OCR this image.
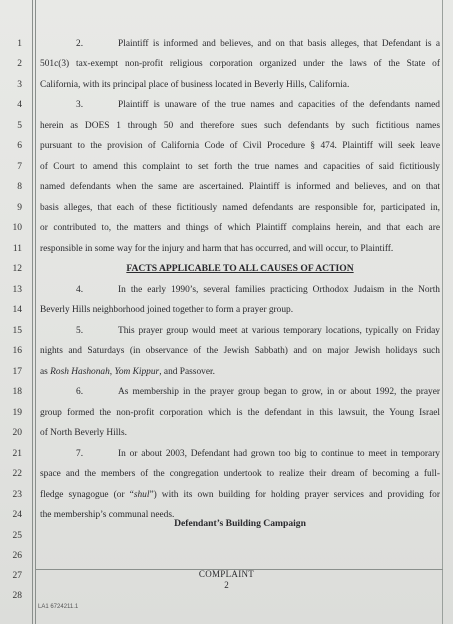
1
2
3
4
5
6
7
8
9
10
11
12
13
14
15
16
17
18
19
20
21
22
23
24
25
26
27
28
2.	Plaintiff is informed and believes, and on that basis alleges, that Defendant is a
501c(3) tax-exempt non-profit religious corporation organized under the laws of the State of
California, with its principal place of business located in Beverly Hills, California.
3.	Plaintiff is unaware of the true names and capacities of the defendants named
herein as DOES 1 through 50 and therefore sues such defendants by such fictitious names
pursuant to the provision of California Code of Civil Procedure § 474. Plaintiff will seek leave
of Court to amend this complaint to set forth the true names and capacities of said fictitiously
named defendants when the same are ascertained. Plaintiff is informed and believes, and on that
basis alleges, that each of these fictitiously named defendants are responsible for, participated in,
or contributed to, the matters and things of which Plaintiff complains herein, and that each are
responsible in some way for the injury and harm that has occurred, and will occur, to Plaintiff.
FACTS APPLICABLE TO ALL CAUSES OF ACTION
4.	In the early 1990’s, several families practicing Orthodox Judaism in the North
Beverly Hills neighborhood joined together to form a prayer group.
5.	This prayer group would meet at various temporary locations, typically on Friday
nights and Saturdays (in observance of the Jewish Sabbath) and on major Jewish holidays such
as Rosh Hashonah, Yom Kippur, and Passover.
6.	As membership in the prayer group began to grow, in or about 1992, the prayer
group formed the non-profit corporation which is the defendant in this lawsuit, the Young Israel
of North Beverly Hills.
7.	In or about 2003, Defendant had grown too big to continue to meet in temporary
space and the members of the congregation undertook to realize their dream of becoming a full-
fledge synagogue (or “shul”) with its own building for holding prayer services and providing for
the membership’s communal needs.
Defendant’s Building Campaign
COMPLAINT
2
LA1 6724211.1
